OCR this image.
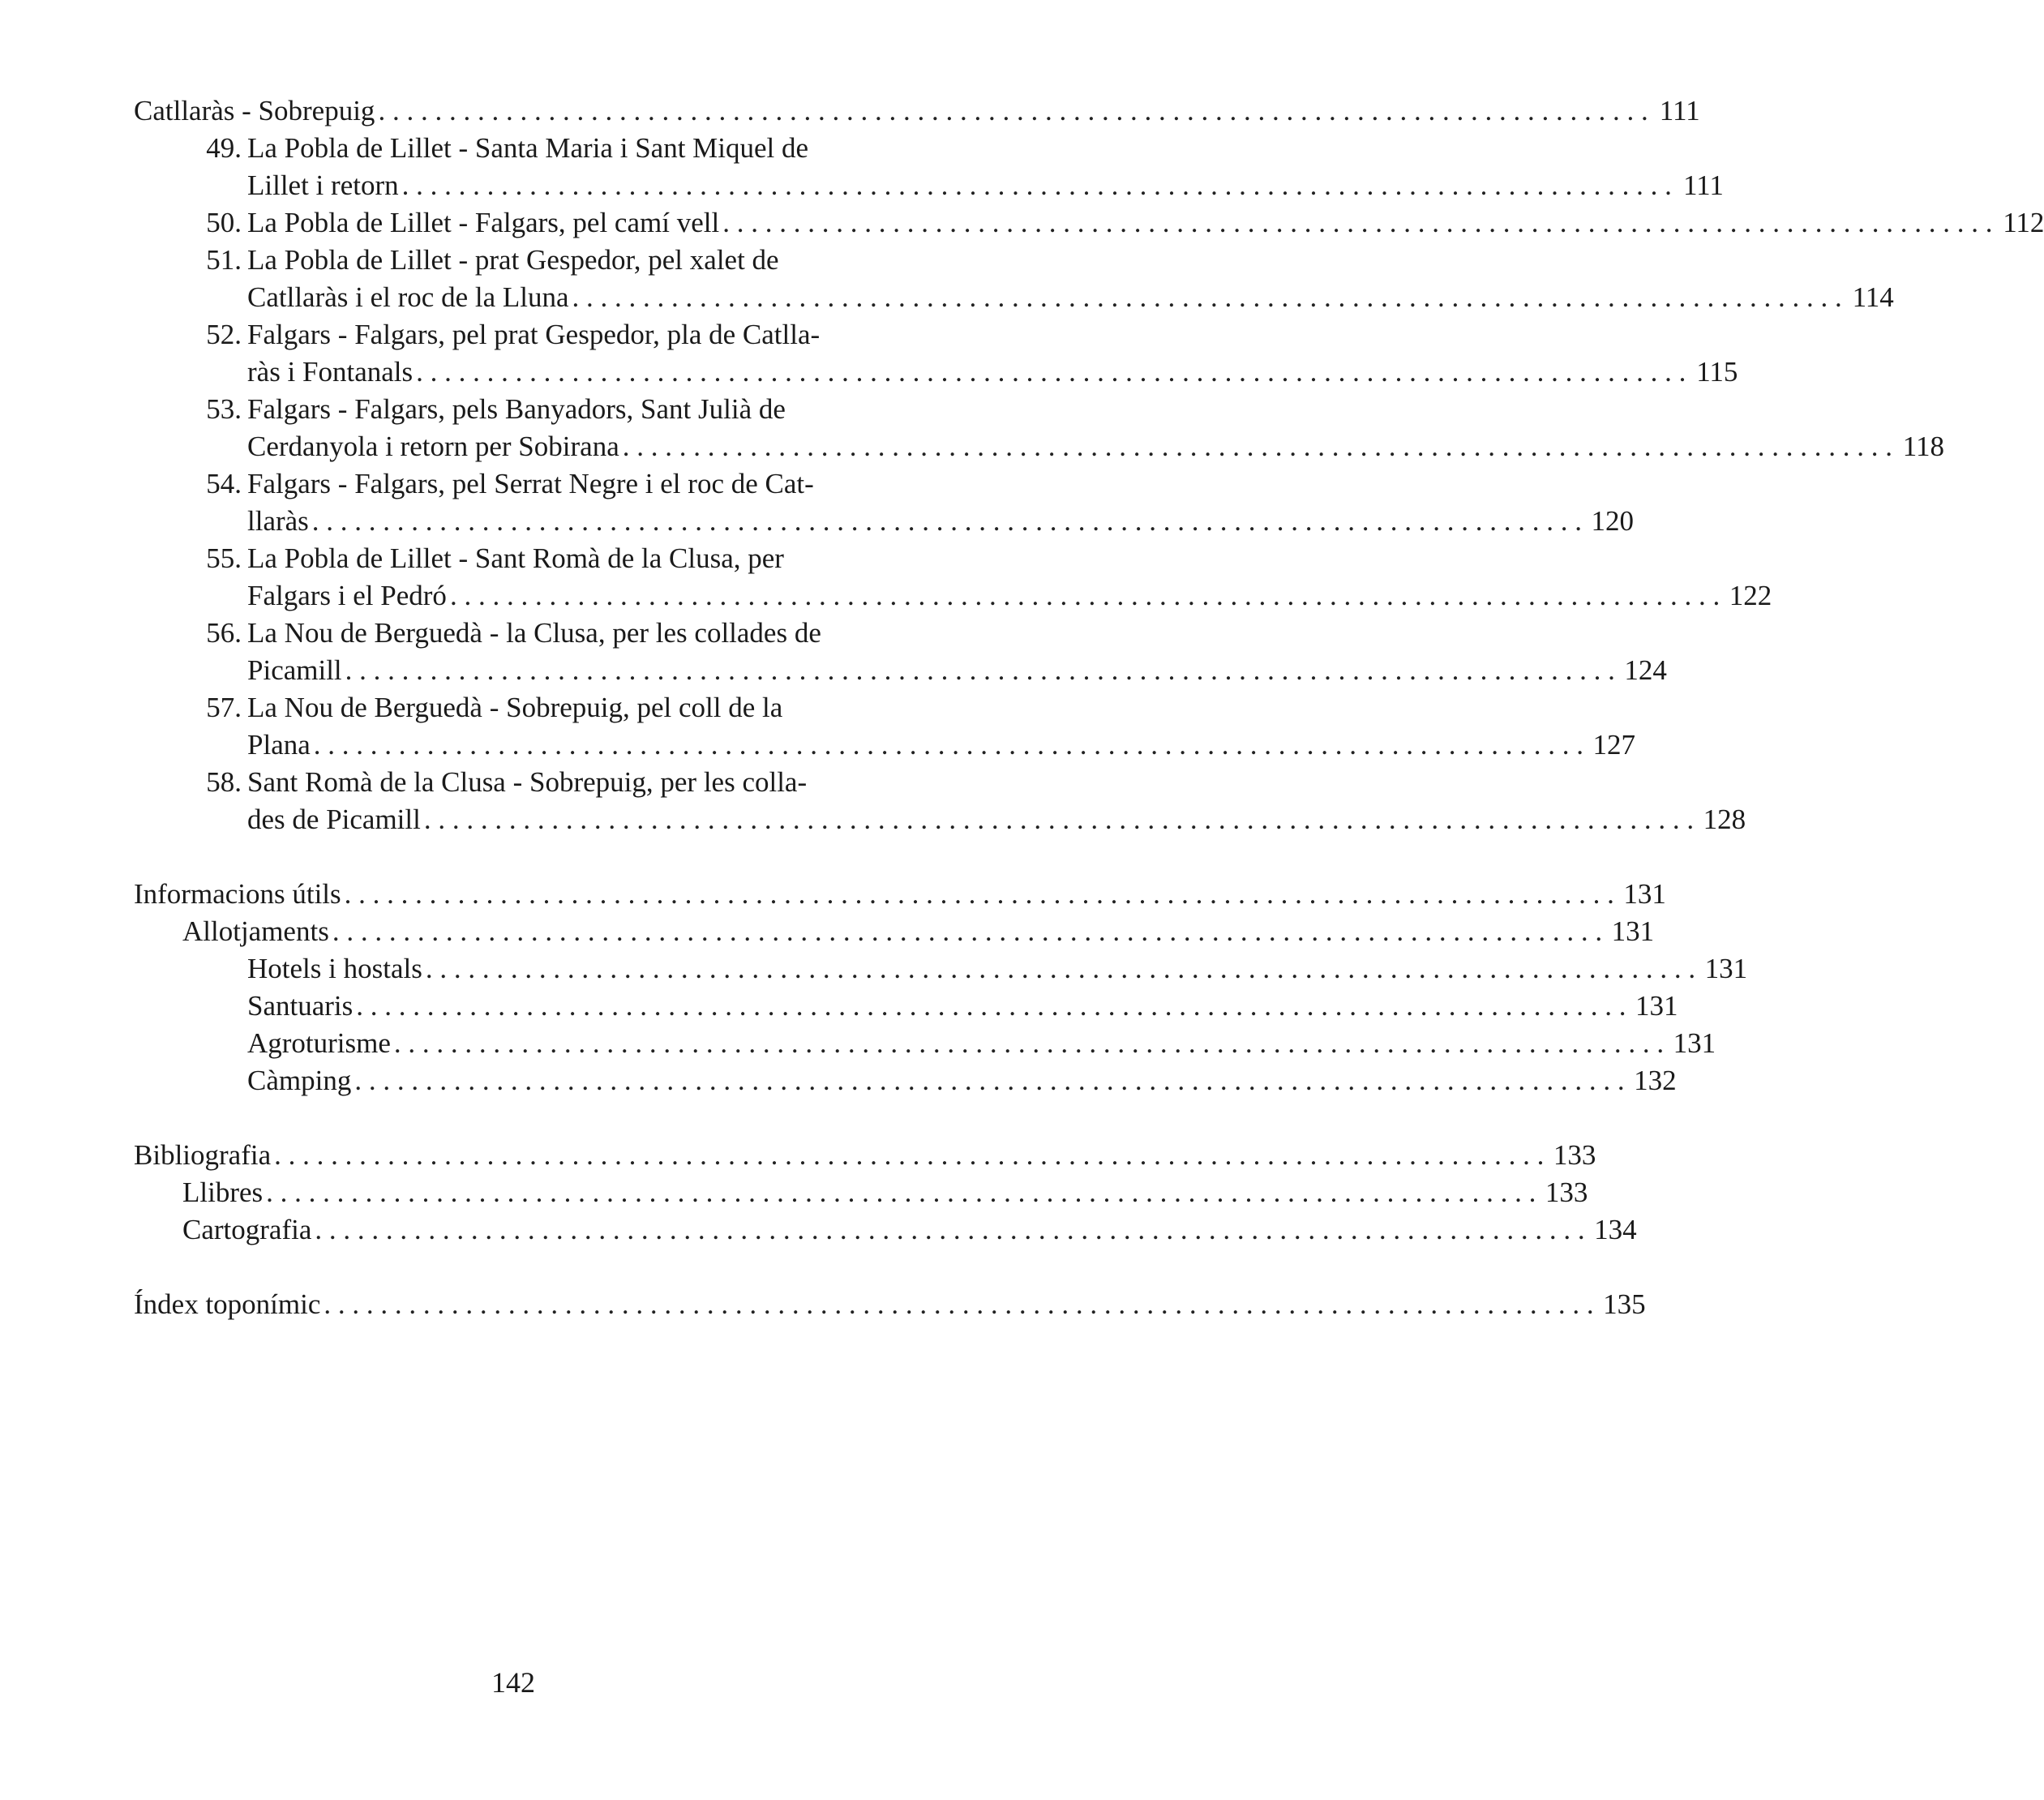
Catllaràs - Sobrepuig . . .	111
49. La Pobla de Lillet - Santa Maria i Sant Miquel de
Lillet i retorn . . .	111
50. La Pobla de Lillet - Falgars, pel camí vell . . .	112
51. La Pobla de Lillet - prat Gespedor, pel xalet de
Catllaràs i el roc de la Lluna . . .	114
52. Falgars - Falgars, pel prat Gespedor, pla de Catlla-
ràs i Fontanals . . .	115
53. Falgars - Falgars, pels Banyadors, Sant Julià de
Cerdanyola i retorn per Sobirana . . .	118
54. Falgars - Falgars, pel Serrat Negre i el roc de Cat-
llaràs . . .	120
55. La Pobla de Lillet - Sant Romà de la Clusa, per
Falgars i el Pedró . . .	122
56. La Nou de Berguedà - la Clusa, per les collades de
Picamill . . .	124
57. La Nou de Berguedà - Sobrepuig, pel coll de la
Plana . . .	127
58. Sant Romà de la Clusa - Sobrepuig, per les colla-
des de Picamill . . .	128
Informacions útils . . .	131
Allotjaments . . .	131
Hotels i hostals . . .	131
Santuaris . . .	131
Agroturisme . . .	131
Càmping . . .	132
Bibliografia . . .	133
Llibres . . .	133
Cartografia . . .	134
Índex toponímic . . .	135
142
